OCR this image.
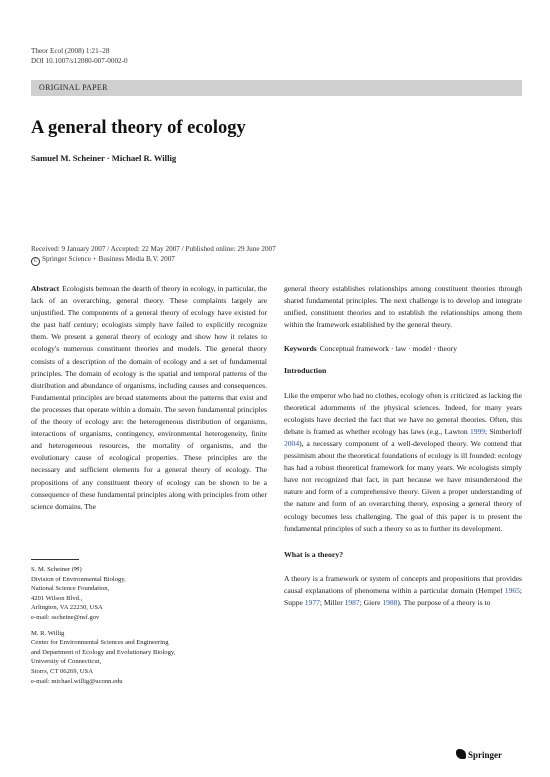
Theor Ecol (2008) 1:21–28
DOI 10.1007/s12080-007-0002-0
ORIGINAL PAPER
A general theory of ecology
Samuel M. Scheiner · Michael R. Willig
Received: 9 January 2007 / Accepted: 22 May 2007 / Published online: 29 June 2007
C Springer Science + Business Media B.V. 2007

Abstract Ecologists bemoan the dearth of theory in ecology, in particular, the lack of an overarching, general theory. These complaints largely are unjustified. The components of a general theory of ecology have existed for the past half century; ecologists simply have failed to explicitly recognize them. We present a general theory of ecology and show how it relates to ecology's numerous constituent theories and models. The general theory consists of a description of the domain of ecology and a set of fundamental principles. The domain of ecology is the spatial and temporal patterns of the distribution and abundance of organisms, including causes and consequences. Fundamental principles are broad statements about the patterns that exist and the processes that operate within a domain. The seven fundamental principles of the theory of ecology are: the heterogeneous distribution of organisms, interactions of organisms, contingency, environmental heterogeneity, finite and heterogeneous resources, the mortality of organisms, and the evolutionary cause of ecological properties. These principles are the necessary and sufficient elements for a general theory of ecology. The propositions of any constituent theory of ecology can be shown to be a consequence of these fundamental principles along with principles from other science domains. The

S. M. Scheiner (✉)
Division of Environmental Biology,
National Science Foundation,
4201 Wilson Blvd.,
Arlington, VA 22230, USA
e-mail: sscheine@nsf.gov
M. R. Willig
Center for Environmental Sciences and Engineering
and Department of Ecology and Evolutionary Biology,
University of Connecticut,
Storrs, CT 06269, USA
e-mail: michael.willig@uconn.edu

general theory establishes relationships among constituent theories through shared fundamental principles. The next challenge is to develop and integrate unified, constituent theories and to establish the relationships among them within the framework established by the general theory.

Keywords Conceptual framework · law · model · theory

Introduction

Like the emperor who had no clothes, ecology often is criticized as lacking the theoretical adornments of the physical sciences. Indeed, for many years ecologists have decried the fact that we have no general theories. Often, this debate is framed as whether ecology has laws (e.g., Lawton 1999; Simberloff 2004), a necessary component of a well-developed theory. We contend that pessimism about the theoretical foundations of ecology is ill founded: ecology has had a robust theoretical framework for many years. We ecologists simply have not recognized that fact, in part because we have misunderstood the nature and form of a comprehensive theory. Given a proper understanding of the nature and form of an overarching theory, exposing a general theory of ecology becomes less challenging. The goal of this paper is to present the fundamental principles of such a theory so as to further its development.

What is a theory?

A theory is a framework or system of concepts and propositions that provides causal explanations of phenomena within a particular domain (Hempel 1965; Suppe 1977; Miller 1987; Giere 1988). The purpose of a theory is to

Springer
